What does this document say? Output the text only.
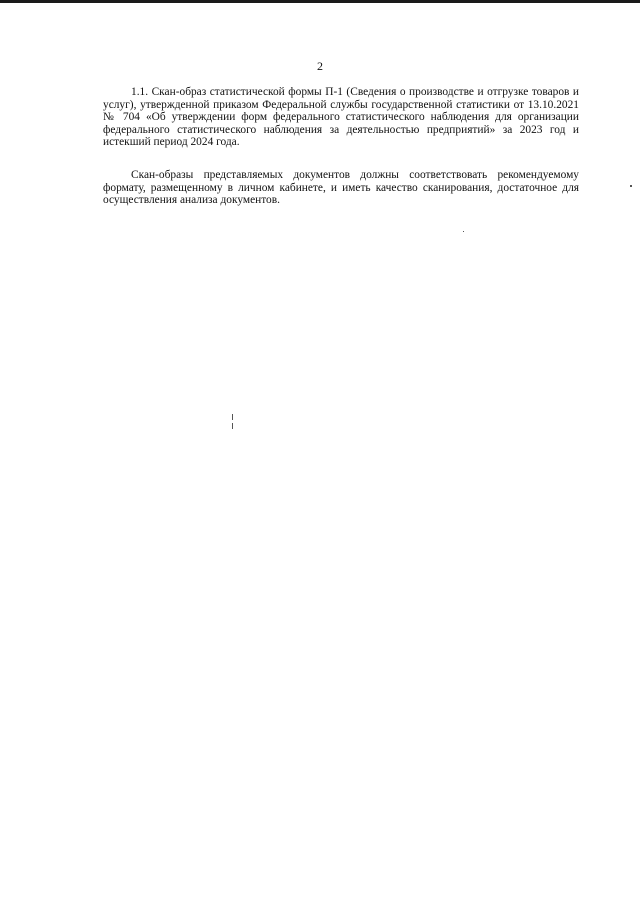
2

1.1. Скан-образ статистической формы П-1 (Сведения о производстве и отгрузке товаров и услуг), утвержденной приказом Федеральной службы государственной статистики от 13.10.2021 № 704 «Об утверждении форм федерального статистического наблюдения для организации федерального статистического наблюдения за деятельностью предприятий» за 2023 год и истекший период 2024 года.

Скан-образы представляемых документов должны соответствовать рекомендуемому формату, размещенному в личном кабинете, и иметь качество сканирования, достаточное для осуществления анализа документов.
